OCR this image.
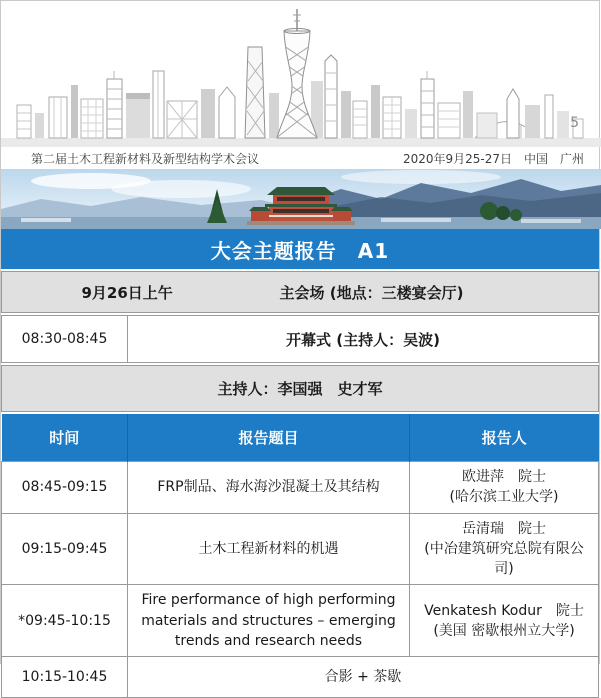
5
第二届土木工程新材料及新型结构学术会议	2020年9月25-27日　中国　广州
大会主题报告　A1
9月26日上午	主会场 (地点：三楼宴会厅)
08:30-08:45	开幕式 (主持人：吴波)
主持人：李国强　史才军
时间	报告题目	报告人
08:45-09:15	FRP制品、海水海沙混凝土及其结构	欧进萍　院士
(哈尔滨工业大学)

09:15-09:45	土木工程新材料的机遇	岳清瑞　院士
(中冶建筑研究总院有限公司)

*09:45-10:15	Fire performance of high performing materials and structures – emerging trends and research needs	Venkatesh Kodur　院士
(美国 密歇根州立大学)

10:15-10:45	合影 + 茶歇	
